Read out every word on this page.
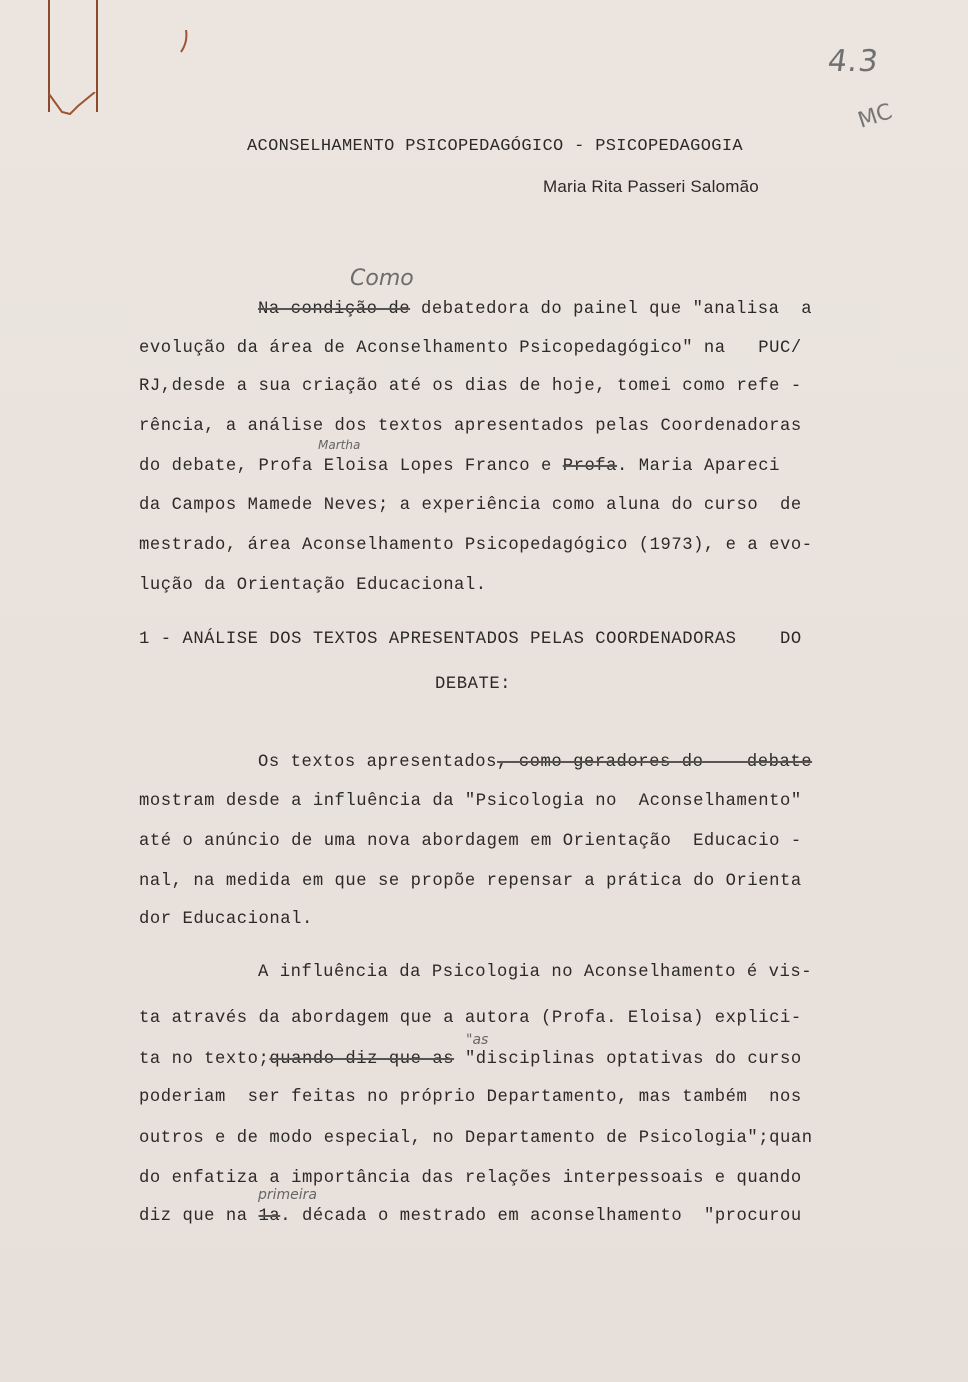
4.3
MC
ACONSELHAMENTO PSICOPEDAGÓGICO - PSICOPEDAGOGIA
Maria Rita Passeri Salomão
Como
Na condição de debatedora do painel que "analisa  a
evolução da área de Aconselhamento Psicopedagógico" na   PUC/
RJ,desde a sua criação até os dias de hoje, tomei como refe -
rência, a análise dos textos apresentados pelas Coordenadoras
Martha
do debate, Profa Eloisa Lopes Franco e Profa. Maria Apareci
da Campos Mamede Neves; a experiência como aluna do curso  de
mestrado, área Aconselhamento Psicopedagógico (1973), e a evo-
lução da Orientação Educacional.
1 - ANÁLISE DOS TEXTOS APRESENTADOS PELAS COORDENADORAS    DO
DEBATE:
Os textos apresentados, como geradores do    debate
mostram desde a influência da "Psicologia no  Aconselhamento"
até o anúncio de uma nova abordagem em Orientação  Educacio -
nal, na medida em que se propõe repensar a prática do Orienta
dor Educacional.
A influência da Psicologia no Aconselhamento é vis-
ta através da abordagem que a autora (Profa. Eloisa) explici-
"as
ta no texto;quando diz que as "disciplinas optativas do curso
poderiam  ser feitas no próprio Departamento, mas também  nos
outros e de modo especial, no Departamento de Psicologia";quan
do enfatiza a importância das relações interpessoais e quando
primeira
diz que na 1a. década o mestrado em aconselhamento  "procurou
